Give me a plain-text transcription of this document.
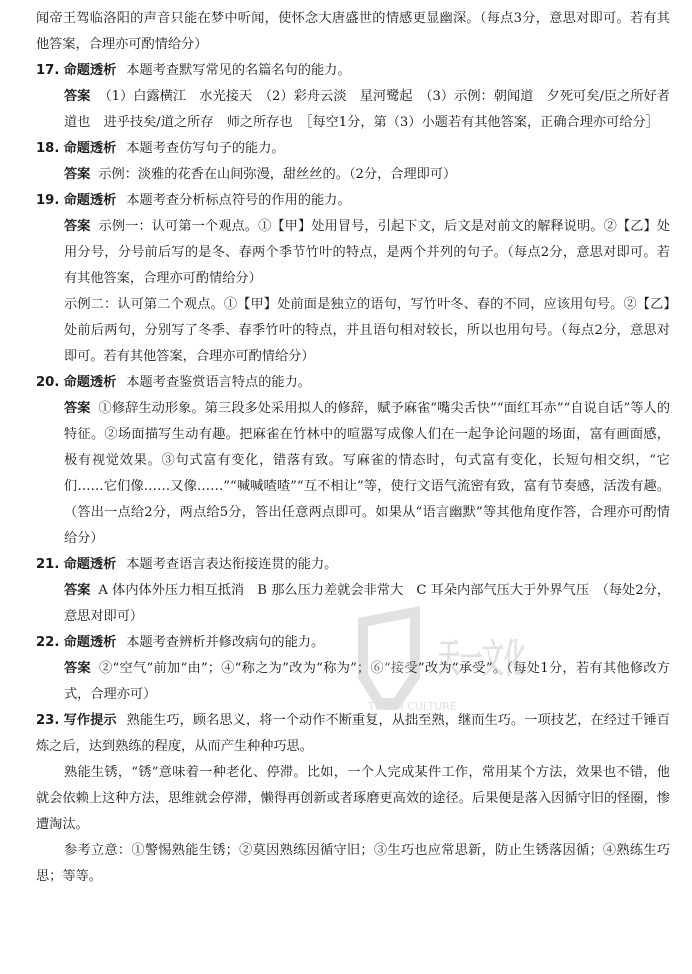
闻帝王驾临洛阳的声音只能在梦中听闻，使怀念大唐盛世的情感更显幽深。（每点3分，意思对即可。若有其他答案，合理亦可酌情给分）

17. 命题透析 本题考查默写常见的名篇名句的能力。

答案 （1）白露横江　水光接天　（2）彩舟云淡　星河鹭起　（3）示例：朝闻道　夕死可矣/臣之所好者道也　进乎技矣/道之所存　师之所存也　［每空1分，第（3）小题若有其他答案，正确合理亦可给分］

18. 命题透析 本题考查仿写句子的能力。

答案 示例：淡雅的花香在山间弥漫，甜丝丝的。（2分，合理即可）

19. 命题透析 本题考查分析标点符号的作用的能力。

答案 示例一：认可第一个观点。①【甲】处用冒号，引起下文，后文是对前文的解释说明。②【乙】处用分号，分号前后写的是冬、春两个季节竹叶的特点，是两个并列的句子。（每点2分，意思对即可。若有其他答案，合理亦可酌情给分）

示例二：认可第二个观点。①【甲】处前面是独立的语句，写竹叶冬、春的不同，应该用句号。②【乙】处前后两句，分别写了冬季、春季竹叶的特点，并且语句相对较长，所以也用句号。（每点2分，意思对即可。若有其他答案，合理亦可酌情给分）

20. 命题透析 本题考查鉴赏语言特点的能力。

答案 ①修辞生动形象。第三段多处采用拟人的修辞，赋予麻雀“嘴尖舌快”“面红耳赤”“自说自话”等人的特征。②场面描写生动有趣。把麻雀在竹林中的喧嚣写成像人们在一起争论问题的场面，富有画面感，极有视觉效果。③句式富有变化，错落有致。写麻雀的情态时，句式富有变化，长短句相交织，“它们……它们像……又像……”“喊喊喳喳”“互不相让”等，使行文语气流密有致，富有节奏感，活泼有趣。（答出一点给2分，两点给5分，答出任意两点即可。如果从“语言幽默”等其他角度作答，合理亦可酌情给分）

21. 命题透析 本题考查语言表达衔接连贯的能力。

答案 A 体内体外压力相互抵消　B 那么压力差就会非常大　C 耳朵内部气压大于外界气压　（每处2分，意思对即可）

22. 命题透析 本题考查辨析并修改病句的能力。

答案 ②“空气”前加“由”；④“称之为”改为“称为”；⑥“接受”改为“承受”。（每处1分，若有其他修改方式，合理亦可）

23. 写作提示 熟能生巧，顾名思义，将一个动作不断重复，从拙至熟，继而生巧。一项技艺，在经过千锤百炼之后，达到熟练的程度，从而产生种种巧思。

熟能生锈，“锈”意味着一种老化、停滞。比如，一个人完成某件工作，常用某个方法，效果也不错，他就会依赖上这种方法，思维就会停滞，懒得再创新或者琢磨更高效的途径。后果便是落入因循守旧的怪圈，惨遭淘汰。

参考立意：①警惕熟能生锈；②莫因熟练因循守旧；③生巧也应常思新，防止生锈落因循；④熟练生巧思；等等。

天一文化
TIANYI CULTURE
